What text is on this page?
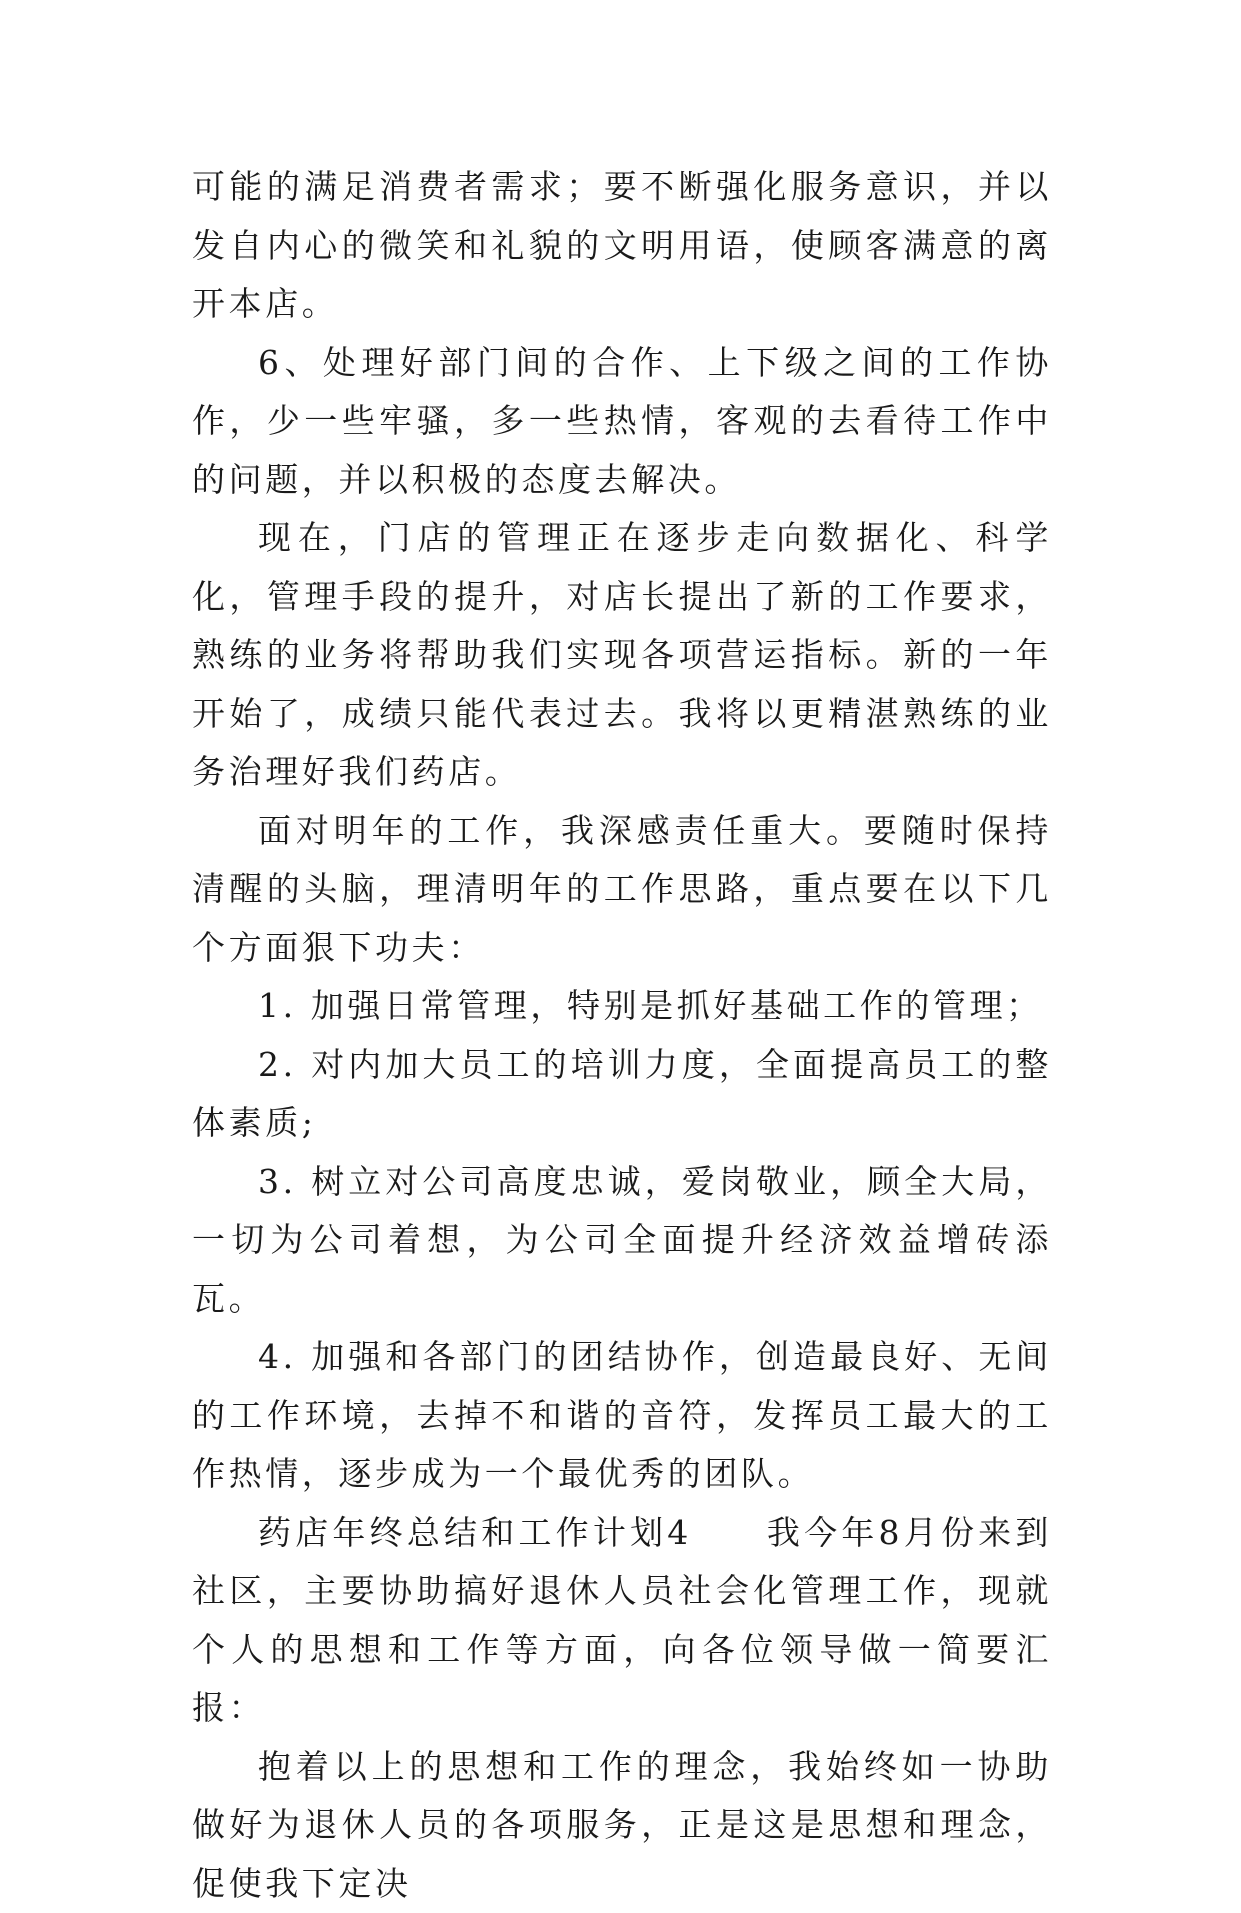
可能的满足消费者需求；要不断强化服务意识，并以发自内心的微笑和礼貌的文明用语，使顾客满意的离开本店。

6、处理好部门间的合作、上下级之间的工作协作，少一些牢骚，多一些热情，客观的去看待工作中的问题，并以积极的态度去解决。

现在，门店的管理正在逐步走向数据化、科学化，管理手段的提升，对店长提出了新的工作要求，熟练的业务将帮助我们实现各项营运指标。新的一年开始了，成绩只能代表过去。我将以更精湛熟练的业务治理好我们药店。

面对明年的工作，我深感责任重大。要随时保持清醒的头脑，理清明年的工作思路，重点要在以下几个方面狠下功夫：

1. 加强日常管理，特别是抓好基础工作的管理；

2. 对内加大员工的培训力度，全面提高员工的整体素质;

3. 树立对公司高度忠诚，爱岗敬业，顾全大局，一切为公司着想，为公司全面提升经济效益增砖添瓦。

4. 加强和各部门的团结协作，创造最良好、无间的工作环境，去掉不和谐的音符，发挥员工最大的工作热情，逐步成为一个最优秀的团队。

药店年终总结和工作计划4　　我今年8月份来到社区，主要协助搞好退休人员社会化管理工作，现就个人的思想和工作等方面，向各位领导做一简要汇报：

抱着以上的思想和工作的理念，我始终如一协助做好为退休人员的各项服务，正是这是思想和理念，促使我下定决
